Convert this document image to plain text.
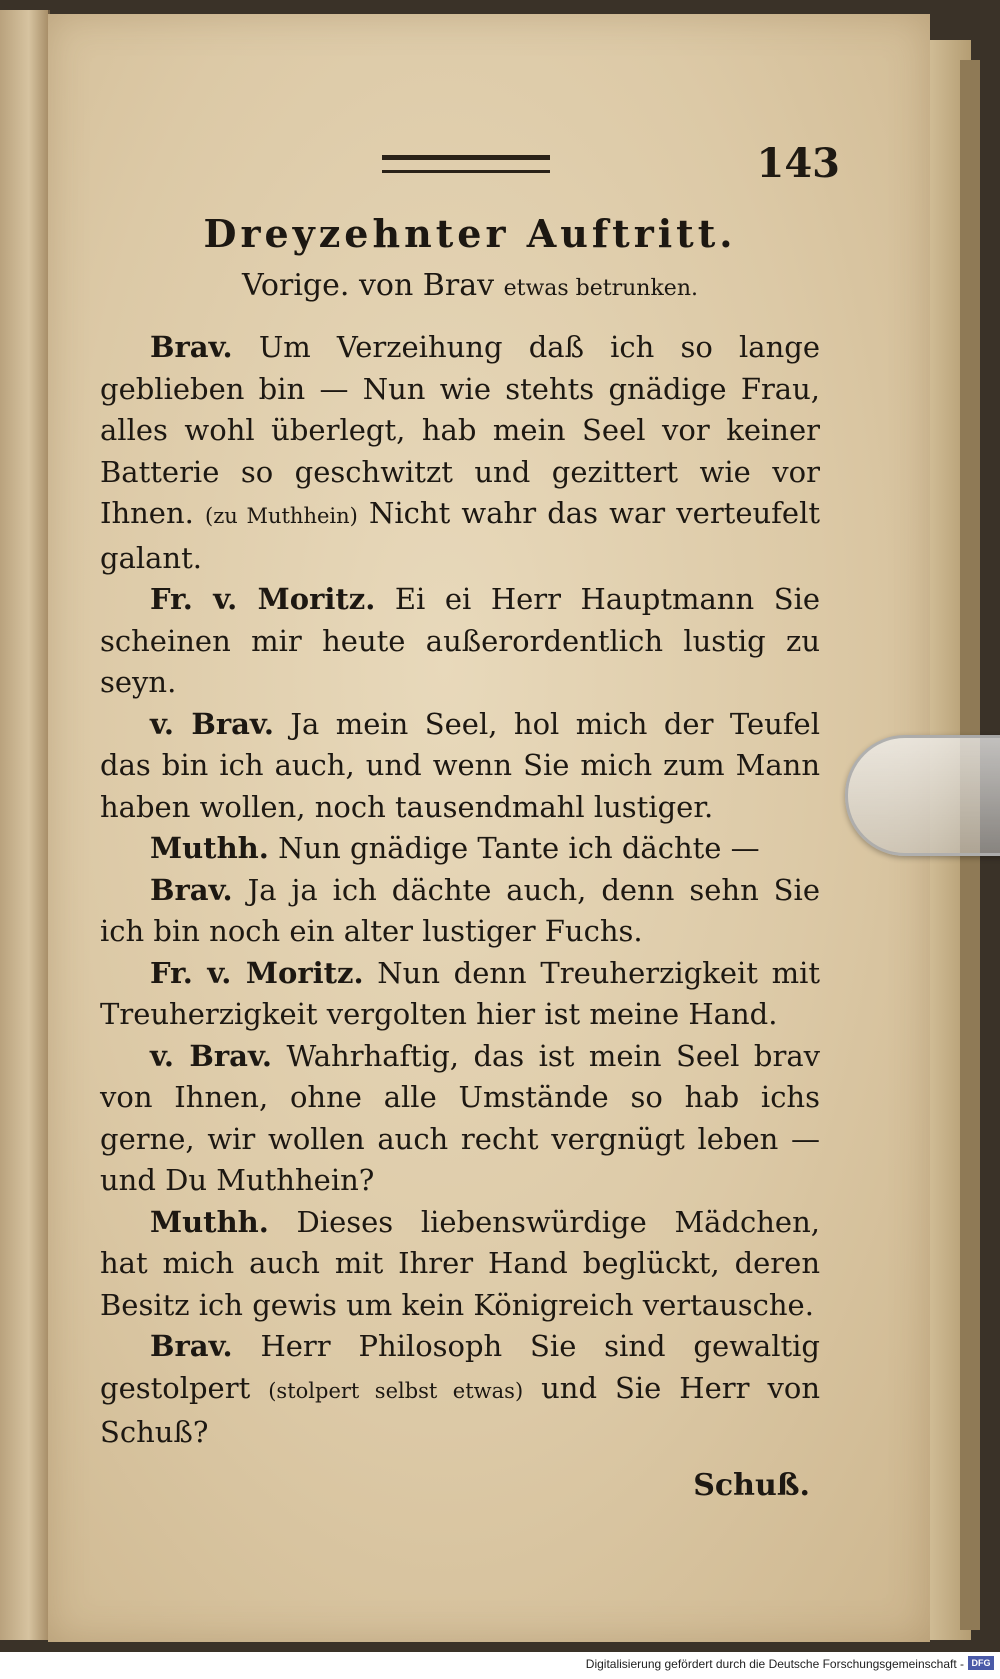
143
Dreyzehnter Auftritt.
Vorige. von Brav etwas betrunken.

Brav. Um Verzeihung daß ich so lange geblieben bin — Nun wie stehts gnädige Frau, alles wohl überlegt, hab mein Seel vor keiner Batterie so geschwitzt und gezittert wie vor Ihnen. (zu Muthhein) Nicht wahr das war verteufelt galant.

Fr. v. Moritz. Ei ei Herr Hauptmann Sie scheinen mir heute außerordentlich lustig zu seyn.

v. Brav. Ja mein Seel, hol mich der Teufel das bin ich auch, und wenn Sie mich zum Mann haben wollen, noch tausendmahl lustiger.

Muthh. Nun gnädige Tante ich dächte —

Brav. Ja ja ich dächte auch, denn sehn Sie ich bin noch ein alter lustiger Fuchs.

Fr. v. Moritz. Nun denn Treuherzigkeit mit Treuherzigkeit vergolten hier ist meine Hand.

v. Brav. Wahrhaftig, das ist mein Seel brav von Ihnen, ohne alle Umstände so hab ichs gerne, wir wollen auch recht vergnügt leben — und Du Muthhein?

Muthh. Dieses liebenswürdige Mädchen, hat mich auch mit Ihrer Hand beglückt, deren Besitz ich gewis um kein Königreich vertausche.

Brav. Herr Philosoph Sie sind gewaltig gestolpert (stolpert selbst etwas) und Sie Herr von Schuß?

Schuß.
Digitalisierung gefördert durch die Deutsche Forschungsgemeinschaft - DFG
